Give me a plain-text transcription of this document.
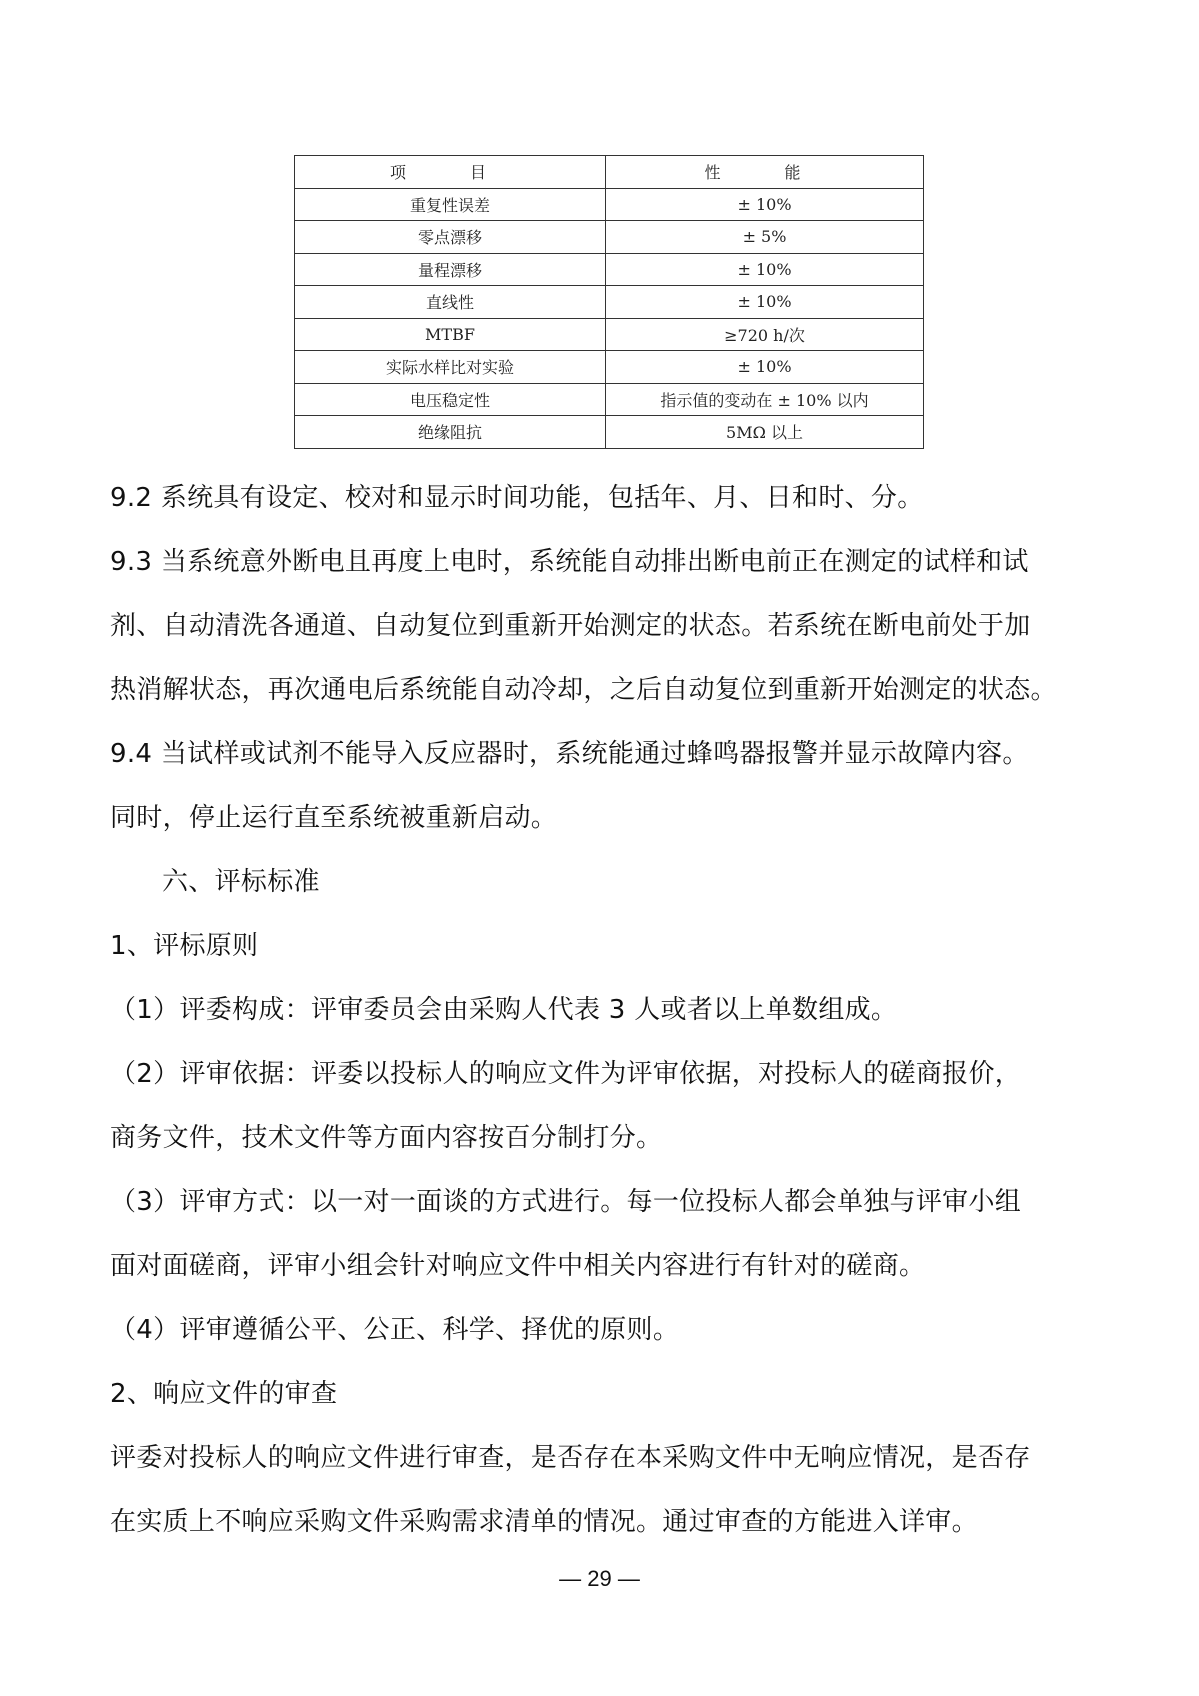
项　目	性　能
重复性误差	± 10%
零点漂移	± 5%
量程漂移	± 10%
直线性	± 10%
MTBF	≥720 h/次
实际水样比对实验	± 10%
电压稳定性	指示值的变动在 ± 10% 以内
绝缘阻抗	5MΩ 以上
9.2 系统具有设定、校对和显示时间功能，包括年、月、日和时、分。
9.3 当系统意外断电且再度上电时，系统能自动排出断电前正在测定的试样和试
剂、自动清洗各通道、自动复位到重新开始测定的状态。若系统在断电前处于加
热消解状态，再次通电后系统能自动冷却，之后自动复位到重新开始测定的状态。
9.4 当试样或试剂不能导入反应器时，系统能通过蜂鸣器报警并显示故障内容。
同时，停止运行直至系统被重新启动。
六、评标标准
1、评标原则
（1）评委构成：评审委员会由采购人代表 3 人或者以上单数组成。
（2）评审依据：评委以投标人的响应文件为评审依据，对投标人的磋商报价，
商务文件，技术文件等方面内容按百分制打分。
（3）评审方式：以一对一面谈的方式进行。每一位投标人都会单独与评审小组
面对面磋商，评审小组会针对响应文件中相关内容进行有针对的磋商。
（4）评审遵循公平、公正、科学、择优的原则。
2、响应文件的审查
评委对投标人的响应文件进行审查，是否存在本采购文件中无响应情况，是否存
在实质上不响应采购文件采购需求清单的情况。通过审查的方能进入详审。
— 29 —
